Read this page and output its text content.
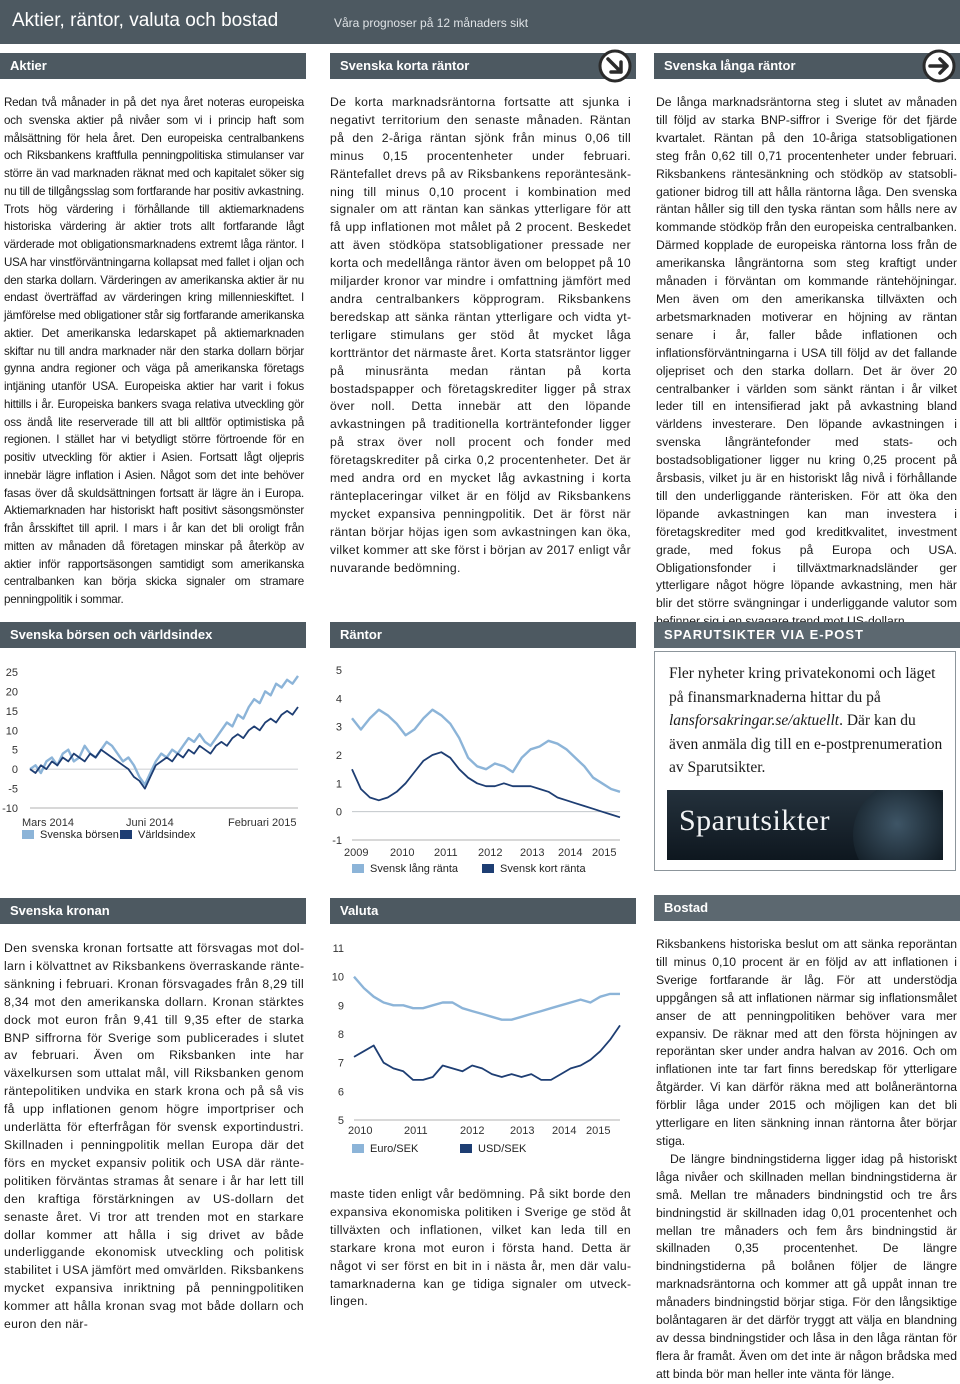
Aktier, räntor, valuta och bostad	Våra prognoser på 12 månaders sikt
Aktier	Svenska korta räntor	Svenska långa räntor

Redan två månader in på det nya året noteras europeiska och svenska aktier på nivåer som vi i princip haft som målsättning för hela året. Den europeiska centralbankens och Riksbankens kraftfulla penningpolitiska stimulanser var större än vad marknaden räknat med och kapitalet söker sig nu till de tillgångsslag som fortfarande har positiv avkastning. Trots hög värdering i förhållande till aktiemarknadens historiska värdering är aktier trots allt fortfarande lågt värderade mot obligationsmarknadens extremt låga räntor. I USA har vinstförväntningarna kollapsat med fallet i oljan och den starka dollarn. Värderingen av amerikanska aktier är nu endast överträffad av värderingen kring millennieskiftet. I jämförelse med obligationer står sig fortfarande amerikanska aktier. Det amerikanska ledarskapet på aktiemarknaden skiftar nu till andra marknader när den starka dollarn börjar gynna andra regioner och väga på amerikanska företags intjäning utanför USA. Europeiska aktier har varit i fokus hittills i år. Europeiska bankers svaga relativa utveckling gör oss ändå lite reserverade till att bli alltför optimistiska på regionen. I stället har vi betydligt större förtroende för en positiv utveckling för aktier i Asien. Fortsatt lågt oljepris innebär lägre inflation i Asien. Något som det inte behöver fasas över då skuldsättningen fortsatt är lägre än i Europa. Aktiemarknaden har historiskt haft positivt säsongsmönster från årsskiftet till april. I mars i år kan det bli oroligt från mitten av månaden då företagen minskar på återköp av aktier inför rapportsäsongen samtidigt som amerikanska centralbanken kan börja skicka signaler om stramare penningpolitik i sommar.

De korta marknadsräntorna fortsatte att sjunka i negativt territorium den senaste månaden. Räntan på den 2-åriga räntan sjönk från minus 0,06 till minus 0,15 procentenheter under februari. Räntefallet drevs på av Riksbankens reporäntesänkning till minus 0,10 procent i kombination med signaler om att räntan kan sänkas ytterligare för att få upp inflationen mot målet på 2 procent. Beskedet att även stödköpa statsobligationer pressade ner korta och medellånga räntor även om beloppet på 10 miljarder kronor var mindre i omfattning jämfört med andra centralbankers köpprogram. Riksbankens beredskap att sänka räntan ytterligare och vidta ytterligare stimulans ger stöd åt mycket låga kortträntor det närmaste året. Korta statsräntor ligger på minusränta medan räntan på korta bostadspapper och företagskrediter ligger på strax över noll. Detta innebär att den löpande avkastningen på traditionella korträntefonder ligger på strax över noll procent och fonder med företagskrediter på cirka 0,2 procentenheter. Det är med andra ord en mycket låg avkastning i korta ränteplaceringar vilket är en följd av Riksbankens mycket expansiva penningpolitik. Det är först när räntan börjar höjas igen som avkastningen kan öka, vilket kommer att ske först i början av 2017 enligt vår nuvarande bedömning.

De långa marknadsräntorna steg i slutet av månaden till följd av starka BNP-siffror i Sverige för det fjärde kvartalet. Räntan på den 10-åriga statsobligationen steg från 0,62 till 0,71 procentenheter under februari. Riksbankens räntesänkning och stödköp av statsobligationer bidrog till att hålla räntorna låga. Den svenska räntan håller sig till den tyska räntan som hålls nere av kommande stödköp från den europeiska centralbanken. Därmed kopplade de europeiska räntorna loss från de amerikanska långräntorna som steg kraftigt under månaden i förväntan om kommande räntehöjningar. Men även om den amerikanska tillväxten och arbetsmarknaden motiverar en höjning av räntan senare i år, faller både inflationen och inflationsförväntningarna i USA till följd av det fallande oljepriset och den starka dollarn. Det är över 20 centralbanker i världen som sänkt räntan i år vilket leder till en intensifierad jakt på avkastning bland världens investerare. Den löpande avkastningen i svenska långräntefonder med stats- och bostadsobligationer ligger nu kring 0,25 procent på årsbasis, vilket ju är en historiskt låg nivå i förhållande till den underliggande ränterisken. För att öka den löpande avkastningen kan man investera i företagskrediter med god kreditkvalitet, investment grade, med fokus på Europa och USA. Obligationsfonder i tillväxtmarknadsländer ger ytterligare något högre löpande avkastning, men här blir det större svängningar i underliggande valutor som

Svenska börsen och världsindex	Räntor	SPARUTSIKTER VIA E-POST
25
20
15
10
5
0
-5
-10
Mars 2014	Juni 2014	Februari 2015
Svenska börsen Världsindex
5
4
3
2
1
0
-1
2009 2010 2011 2012 2013 2014 2015
Svensk lång ränta	Svensk kort ränta
Fler nyheter kring privatekonomi och läget på finansmarknaderna hittar du på lansforsakringar.se/aktuellt. Där kan du även anmäla dig till en e-postprenumeration av Sparutsikter.
Sparutsikter
Svenska kronan	Valuta	Bostad
11
10
9
8
7
6
5
2010	2011	2012 2013 2014 2015
Euro/SEK	USD/SEK

Den svenska kronan fortsatte att försvagas mot dollarn i kölvattnet av Riksbankens överraskande räntesänkning i februari. Kronan försvagades från 8,29 till 8,34 mot den amerikanska dollarn. Kronan stärktes dock mot euron från 9,41 till 9,35 efter de starka BNP siffrorna för Sverige som publicerades i slutet av februari. Även om Riksbanken inte har växelkursen som uttalat mål, vill Riksbanken genom räntepolitiken undvika en stark krona och på så vis få upp inflationen genom högre importpriser och underlätta för efterfrågan för svensk exportindustri. Skillnaden i penningpolitik mellan Europa där det förs en mycket expansiv politik och USA där räntepolitiken förväntas stramas åt senare i år har lett till den kraftiga förstärkningen av US-dollarn det senaste året. Vi tror att trenden mot en starkare dollar kommer att hålla i sig drivet av både underliggande ekonomisk utveckling och politisk stabilitet i USA jämfört med omvärlden. Riksbankens mycket expansiva inriktning på penningpolitiken kommer att hålla kronan svag mot både dollarn och euron den när-

maste tiden enligt vår bedömning. På sikt borde den expansiva ekonomiska politiken i Sverige ge stöd åt tillväxten och inflationen, vilket kan leda till en starkare krona mot euron i första hand. Detta är något vi ser först en bit in i nästa år, men där valutamarknaderna kan ge tidiga signaler om utvecklingen.

Riksbankens historiska beslut om att sänka reporäntan till minus 0,10 procent är en följd av att inflationen i Sverige fortfarande är låg. För att understödja uppgången så att inflationen närmar sig inflationsmålet anser de att penningpolitiken behöver vara mer expansiv. De räknar med att den första höjningen av reporäntan sker under andra halvan av 2016. Och om inflationen inte tar fart finns beredskap för ytterligare åtgärder. Vi kan därför räkna med att bolåneräntorna förblir låga under 2015 och möjligen kan det bli ytterligare en liten sänkning innan räntorna åter börjar stiga.

De längre bindningstiderna ligger idag på historiskt låga nivåer och skillnaden mellan bindningstiderna är små. Mellan tre månaders bindningstid och tre års bindningstid är skillnaden idag 0,01 procentenhet och mellan tre månaders och fem års bindningstid är skillnaden 0,35 procentenhet. De längre bindningstiderna på bolånen följer de längre marknadsräntorna och kommer att gå uppåt innan tre månaders bindningstid börjar stiga. För den långsiktige bolåntagaren är det därför tryggt att välja en blandning av dessa bindningstider och låsa in den låga räntan för flera år framåt. Även om det inte är någon brådska med att binda bör man heller inte vänta för länge.
